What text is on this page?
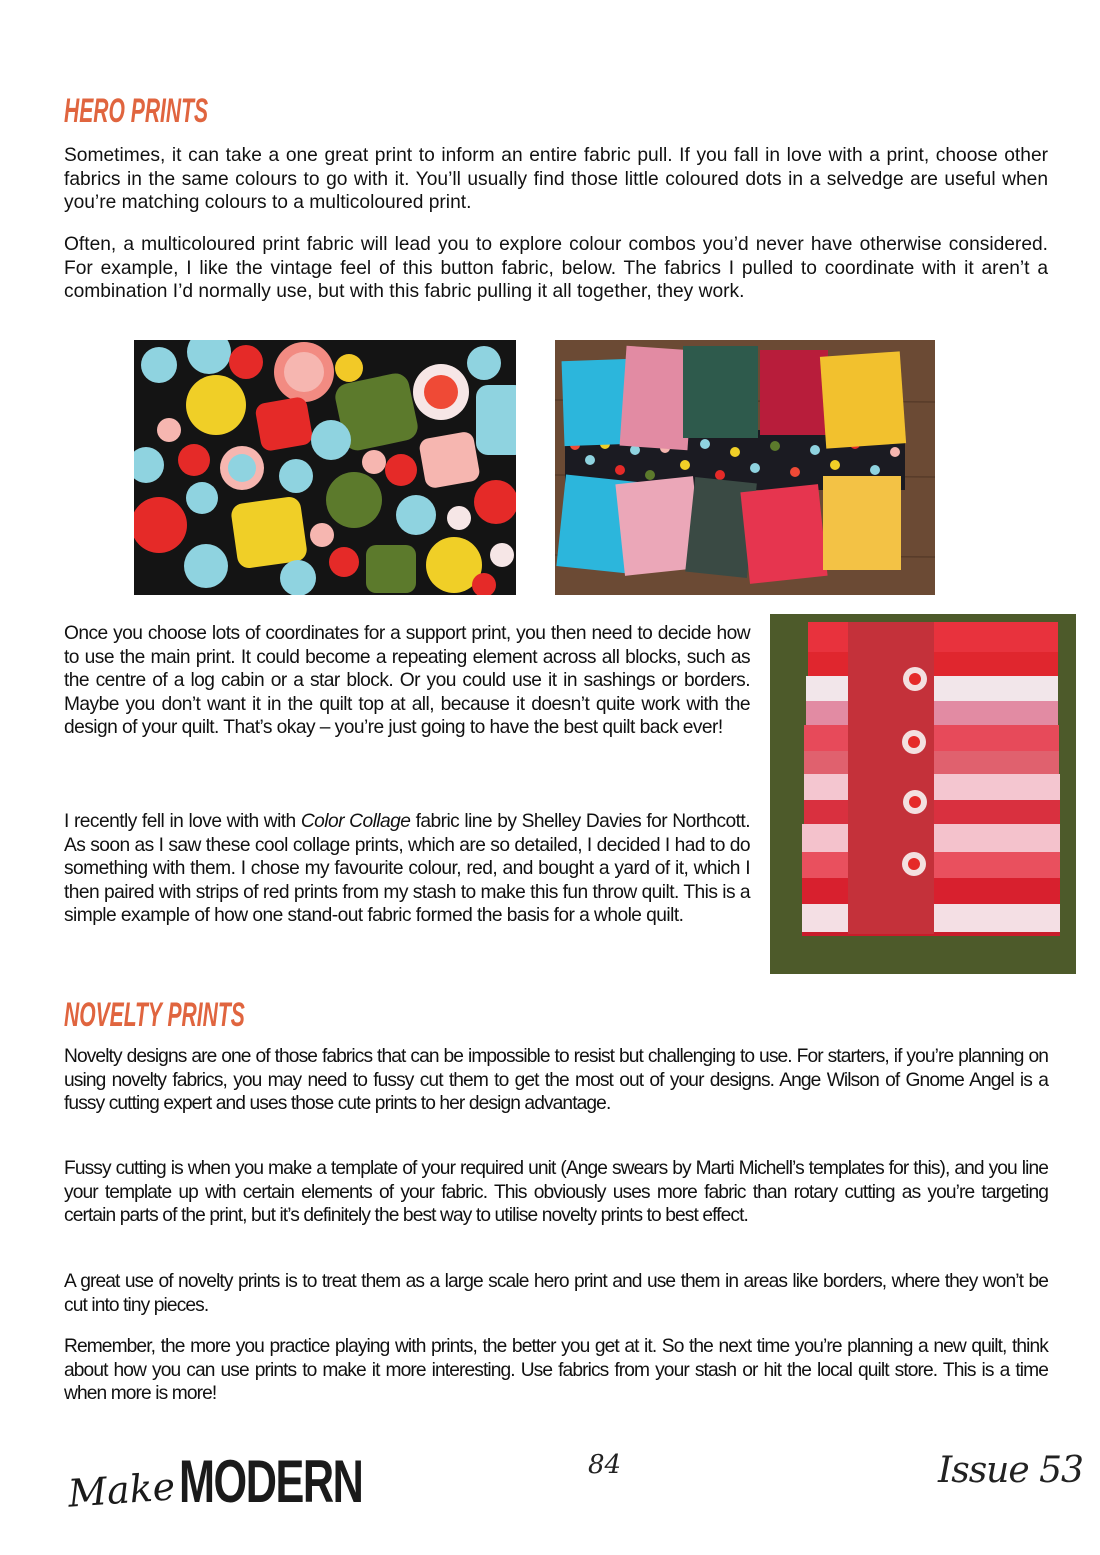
HERO PRINTS

Sometimes, it can take a one great print to inform an entire fabric pull. If you fall in love with a print, choose other fabrics in the same colours to go with it. You’ll usually find those little coloured dots in a selvedge are useful when you’re matching colours to a multicoloured print.

Often, a multicoloured print fabric will lead you to explore colour combos you’d never have otherwise considered. For example, I like the vintage feel of this button fabric, below. The fabrics I pulled to coordinate with it aren’t a combination I’d normally use, but with this fabric pulling it all together, they work.

Once you choose lots of coordinates for a support print, you then need to decide how to use the main print. It could become a repeating element across all blocks, such as the centre of a log cabin or a star block. Or you could use it in sashings or borders. Maybe you don’t want it in the quilt top at all, because it doesn’t quite work with the design of your quilt. That’s okay – you’re just going to have the best quilt back ever!

I recently fell in love with with Color Collage fabric line by Shelley Davies for Northcott. As soon as I saw these cool collage prints, which are so detailed, I decided I had to do something with them. I chose my favourite colour, red, and bought a yard of it, which I then paired with strips of red prints from my stash to make this fun throw quilt. This is a simple example of how one stand-out fabric formed the basis for a whole quilt.

NOVELTY PRINTS

Novelty designs are one of those fabrics that can be impossible to resist but challenging to use. For starters, if you’re planning on using novelty fabrics, you may need to fussy cut them to get the most out of your designs. Ange Wilson of Gnome Angel is a fussy cutting expert and uses those cute prints to her design advantage.

Fussy cutting is when you make a template of your required unit (Ange swears by Marti Michell’s templates for this), and you line your template up with certain elements of your fabric. This obviously uses more fabric than rotary cutting as you’re targeting certain parts of the print, but it’s definitely the best way to utilise novelty prints to best effect.

A great use of novelty prints is to treat them as a large scale hero print and use them in areas like borders, where they won’t be cut into tiny pieces.

Remember, the more you practice playing with prints, the better you get at it. So the next time you’re planning a new quilt, think about how you can use prints to make it more interesting. Use fabrics from your stash or hit the local quilt store. This is a time when more is more!

Make MODERN	84	Issue 53
